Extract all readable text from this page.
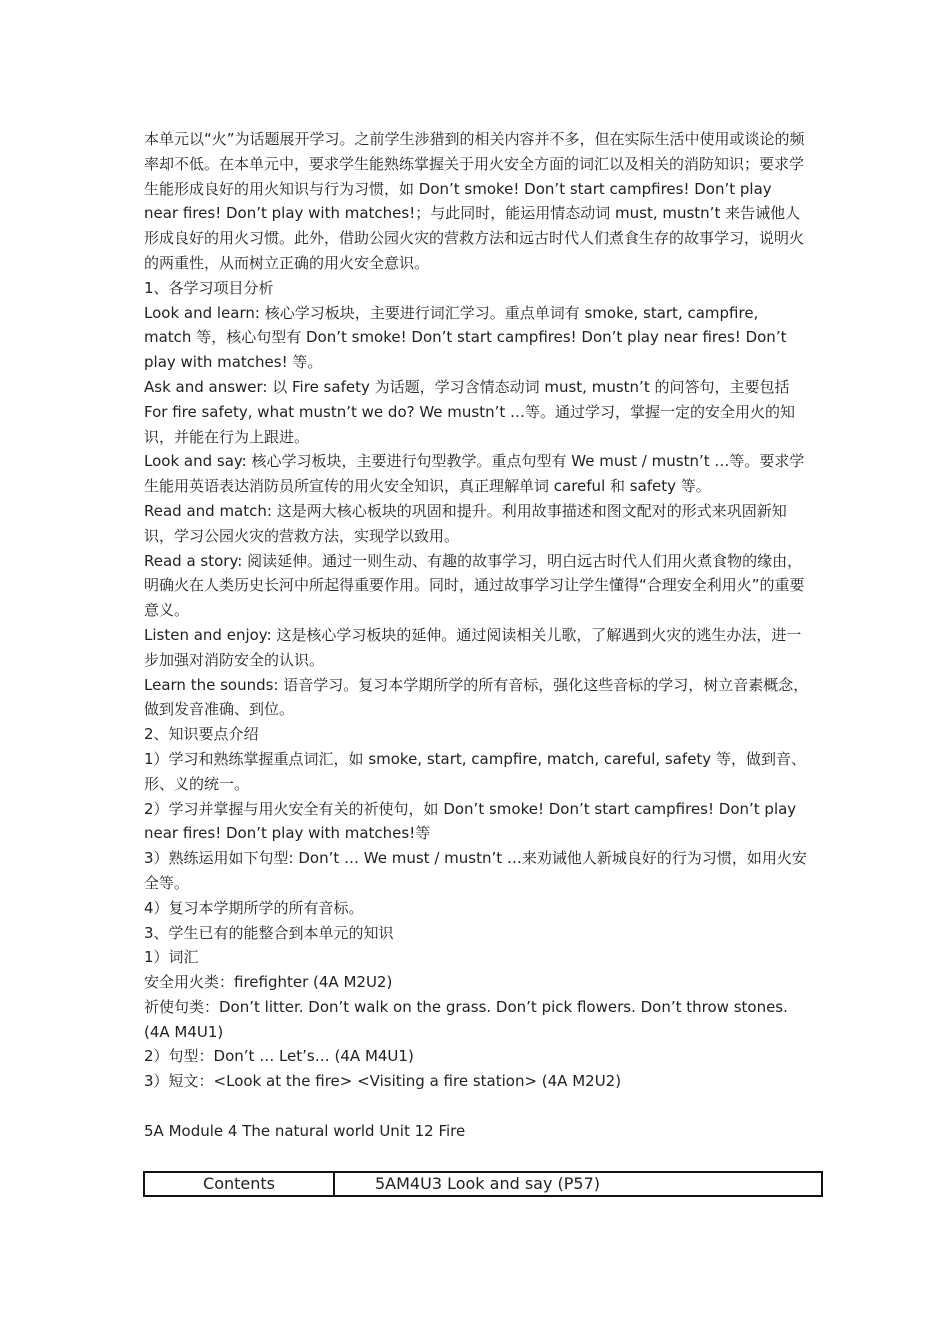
本单元以“火”为话题展开学习。之前学生涉猎到的相关内容并不多，但在实际生活中使用或谈论的频率却不低。在本单元中，要求学生能熟练掌握关于用火安全方面的词汇以及相关的消防知识；要求学生能形成良好的用火知识与行为习惯，如 Don’t smoke! Don’t start campfires! Don’t play near fires! Don’t play with matches!；与此同时，能运用情态动词 must, mustn’t 来告诫他人形成良好的用火习惯。此外，借助公园火灾的营救方法和远古时代人们煮食生存的故事学习，说明火的两重性，从而树立正确的用火安全意识。

1、各学习项目分析

Look and learn: 核心学习板块，主要进行词汇学习。重点单词有 smoke, start, campfire, match 等，核心句型有 Don’t smoke! Don’t start campfires! Don’t play near fires! Don’t play with matches! 等。

Ask and answer: 以 Fire safety 为话题，学习含情态动词 must, mustn’t 的问答句，主要包括 For fire safety, what mustn’t we do? We mustn’t …等。通过学习，掌握一定的安全用火的知识，并能在行为上跟进。

Look and say: 核心学习板块，主要进行句型教学。重点句型有 We must / mustn’t …等。要求学生能用英语表达消防员所宣传的用火安全知识，真正理解单词 careful 和 safety 等。

Read and match: 这是两大核心板块的巩固和提升。利用故事描述和图文配对的形式来巩固新知识，学习公园火灾的营救方法，实现学以致用。

Read a story: 阅读延伸。通过一则生动、有趣的故事学习，明白远古时代人们用火煮食物的缘由，明确火在人类历史长河中所起得重要作用。同时，通过故事学习让学生懂得“合理安全利用火”的重要意义。

Listen and enjoy: 这是核心学习板块的延伸。通过阅读相关儿歌，了解遇到火灾的逃生办法，进一步加强对消防安全的认识。

Learn the sounds: 语音学习。复习本学期所学的所有音标，强化这些音标的学习，树立音素概念，做到发音准确、到位。

2、知识要点介绍

1）学习和熟练掌握重点词汇，如 smoke, start, campfire, match, careful, safety 等，做到音、形、义的统一。

2）学习并掌握与用火安全有关的祈使句，如 Don’t smoke! Don’t start campfires! Don’t play near fires! Don’t play with matches!等

3）熟练运用如下句型: Don’t … We must / mustn’t …来劝诫他人新城良好的行为习惯，如用火安全等。

4）复习本学期所学的所有音标。

3、学生已有的能整合到本单元的知识

1）词汇

安全用火类：firefighter (4A M2U2)

祈使句类：Don’t litter. Don’t walk on the grass. Don’t pick flowers. Don’t throw stones. (4A M4U1)

2）句型：Don’t … Let’s… (4A M4U1)

3）短文：<Look at the fire> <Visiting a fire station> (4A M2U2)

5A Module 4 The natural world Unit 12 Fire

Contents	5AM4U3 Look and say (P57)
